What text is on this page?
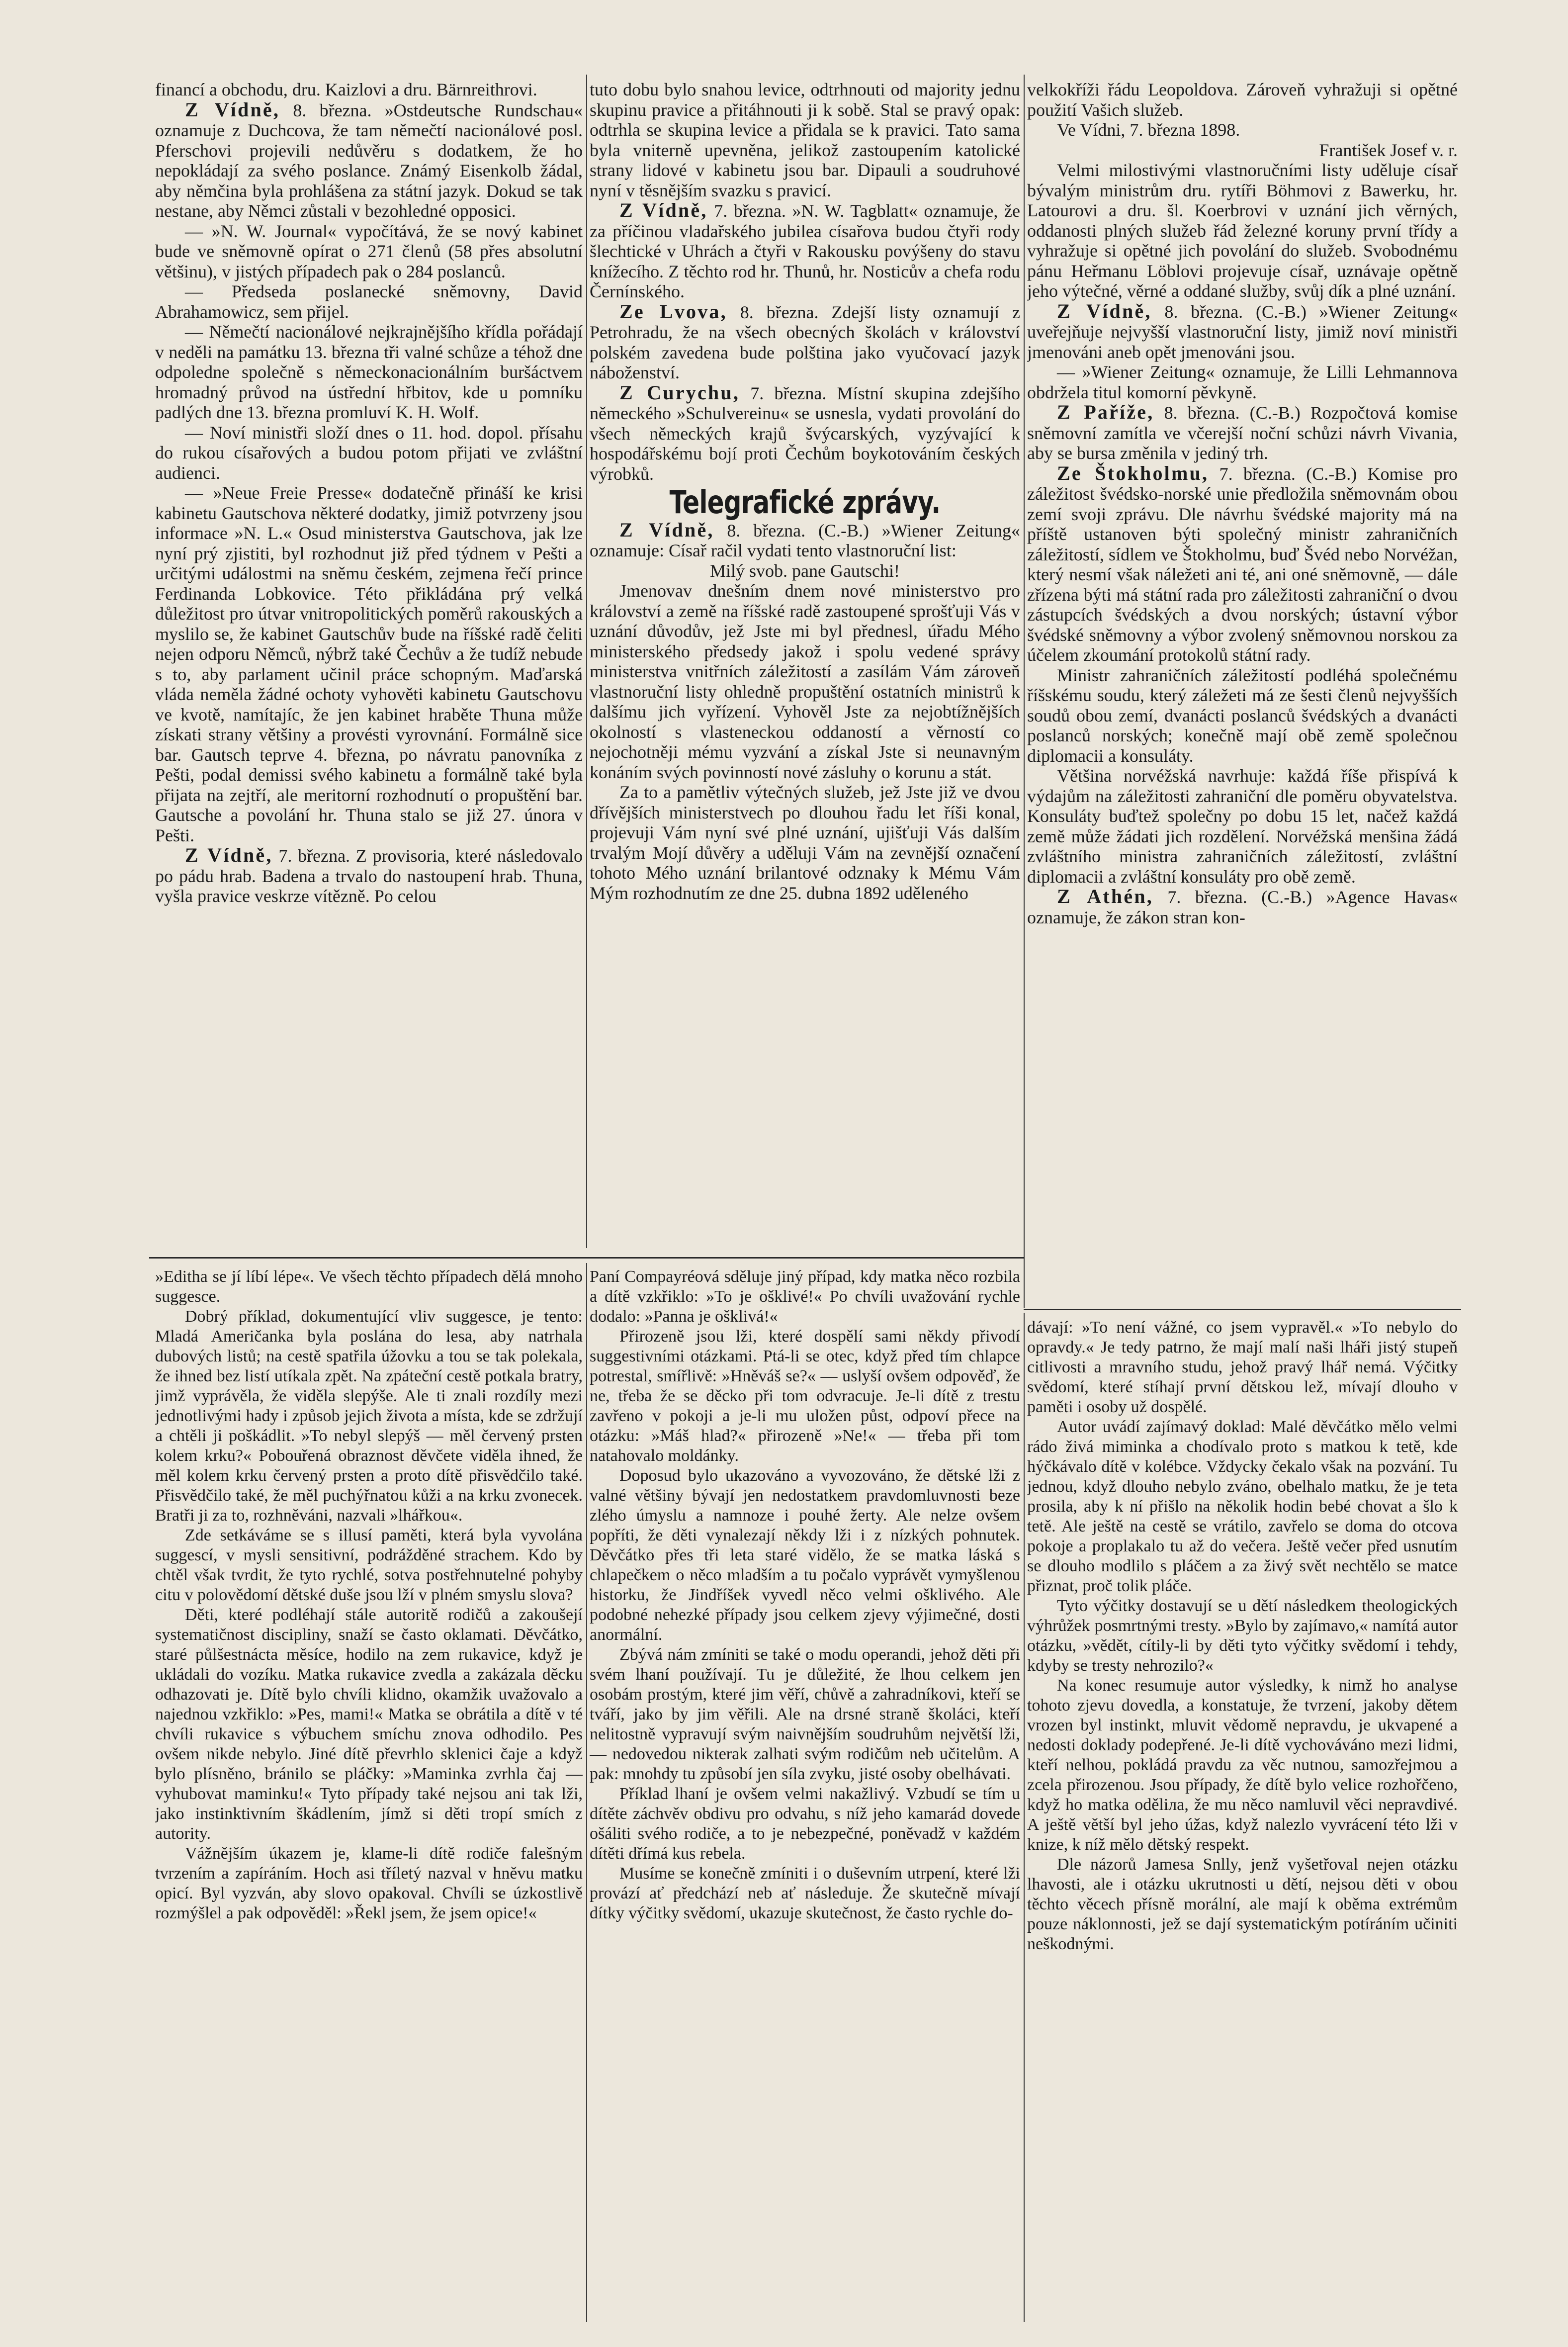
financí a obchodu, dru. Kaizlovi a dru. Bärnreithrovi.

Z Vídně, 8. března. »Ostdeutsche Rundschau« oznamuje z Duchcova, že tam němečtí nacionálové posl. Pferschovi projevili nedůvěru s dodatkem, že ho nepokládají za svého poslance. Známý Eisenkolb žádal, aby němčina byla prohlášena za státní jazyk. Dokud se tak nestane, aby Němci zůstali v bezohledné opposici.

— »N. W. Journal« vypočítává, že se nový kabinet bude ve sněmovně opírat o 271 členů (58 přes absolutní většinu), v jistých případech pak o 284 poslanců.

— Předseda poslanecké sněmovny, David Abrahamowicz, sem přijel.

— Němečtí nacionálové nejkrajnějšího křídla pořádají v neděli na památku 13. března tři valné schůze a téhož dne odpoledne společně s německonacionálním buršáctvem hromadný průvod na ústřední hřbitov, kde u pomníku padlých dne 13. března promluví K. H. Wolf.

— Noví ministři složí dnes o 11. hod. dopol. přísahu do rukou císařových a budou potom přijati ve zvláštní audienci.

— »Neue Freie Presse« dodatečně přináší ke krisi kabinetu Gautschova některé dodatky, jimiž potvrzeny jsou informace »N. L.« Osud ministerstva Gautschova, jak lze nyní prý zjistiti, byl rozhodnut již před týdnem v Pešti a určitými událostmi na sněmu českém, zejmena řečí prince Ferdinanda Lobkovice. Této přikládána prý velká důležitost pro útvar vnitropolitických poměrů rakouských a myslilo se, že kabinet Gautschův bude na říšské radě čeliti nejen odporu Němců, nýbrž také Čechův a že tudíž nebude s to, aby parlament učinil práce schopným. Maďarská vláda neměla žádné ochoty vyhověti kabinetu Gautschovu ve kvotě, namítajíc, že jen kabinet hraběte Thuna může získati strany většiny a provésti vyrovnání. Formálně sice bar. Gautsch teprve 4. března, po návratu panovníka z Pešti, podal demissi svého kabinetu a formálně také byla přijata na zejtří, ale meritorní rozhodnutí o propuštění bar. Gautsche a povolání hr. Thuna stalo se již 27. února v Pešti.

Z Vídně, 7. března. Z provisoria, které následovalo po pádu hrab. Badena a trvalo do nastoupení hrab. Thuna, vyšla pravice veskrze vítězně. Po celou

tuto dobu bylo snahou levice, odtrhnouti od majority jednu skupinu pravice a přitáhnouti ji k sobě. Stal se pravý opak: odtrhla se skupina levice a přidala se k pravici. Tato sama byla vniterně upevněna, jelikož zastoupením katolické strany lidové v kabinetu jsou bar. Dipauli a soudruhové nyní v těsnějším svazku s pravicí.

Z Vídně, 7. března. »N. W. Tagblatt« oznamuje, že za příčinou vladařského jubilea císařova budou čtyři rody šlechtické v Uhrách a čtyři v Rakousku povýšeny do stavu knížecího. Z těchto rod hr. Thunů, hr. Nosticův a chefa rodu Černínského.

Ze Lvova, 8. března. Zdejší listy oznamují z Petrohradu, že na všech obecných školách v království polském zavedena bude polština jako vyučovací jazyk náboženství.

Z Curychu, 7. března. Místní skupina zdejšího německého »Schulvereinu« se usnesla, vydati provolání do všech německých krajů švýcarských, vyzývající k hospodářskému bojí proti Čechům boykotováním českých výrobků.

Telegrafické zprávy.

Z Vídně, 8. března. (C.-B.) »Wiener Zeitung« oznamuje: Císař račil vydati tento vlastnoruční list:

Milý svob. pane Gautschi!

Jmenovav dnešním dnem nové ministerstvo pro království a země na říšské radě zastoupené sprošťuji Vás v uznání důvodův, jež Jste mi byl přednesl, úřadu Mého ministerského předsedy jakož i spolu vedené správy ministerstva vnitřních záležitostí a zasílám Vám zároveň vlastnoruční listy ohledně propuštění ostatních ministrů k dalšímu jich vyřízení. Vyhověl Jste za nejobtížnějších okolností s vlasteneckou oddaností a věrností co nejochotněji mému vyzvání a získal Jste si neunavným konáním svých povinností nové zásluhy o korunu a stát.

Za to a pamětliv výtečných služeb, jež Jste již ve dvou dřívějších ministerstvech po dlouhou řadu let říši konal, projevuji Vám nyní své plné uznání, ujišťuji Vás dalším trvalým Mojí důvěry a uděluji Vám na zevnější označení tohoto Mého uznání brilantové odznaky k Mému Vám Mým rozhodnutím ze dne 25. dubna 1892 uděleného

velkokříži řádu Leopoldova. Zároveň vyhražuji si opětné použití Vašich služeb.

Ve Vídni, 7. března 1898.

František Josef v. r.

Velmi milostivými vlastnoručními listy uděluje císař bývalým ministrům dru. rytíři Böhmovi z Bawerku, hr. Latourovi a dru. šl. Koerbrovi v uznání jich věrných, oddanosti plných služeb řád železné koruny první třídy a vyhražuje si opětné jich povolání do služeb. Svobodnému pánu Heřmanu Löblovi projevuje císař, uznávaje opětně jeho výtečné, věrné a oddané služby, svůj dík a plné uznání.

Z Vídně, 8. března. (C.-B.) »Wiener Zeitung« uveřejňuje nejvyšší vlastnoruční listy, jimiž noví ministři jmenováni aneb opět jmenováni jsou.

— »Wiener Zeitung« oznamuje, že Lilli Lehmannova obdržela titul komorní pěvkyně.

Z Paříže, 8. března. (C.-B.) Rozpočtová komise sněmovní zamítla ve včerejší noční schůzi návrh Vivania, aby se bursa změnila v jediný trh.

Ze Štokholmu, 7. března. (C.-B.) Komise pro záležitost švédsko-norské unie předložila sněmovnám obou zemí svoji zprávu. Dle návrhu švédské majority má na příště ustanoven býti společný ministr zahraničních záležitostí, sídlem ve Štokholmu, buď Švéd nebo Norvéžan, který nesmí však náležeti ani té, ani oné sněmovně, — dále zřízena býti má státní rada pro záležitosti zahraniční o dvou zástupcích švédských a dvou norských; ústavní výbor švédské sněmovny a výbor zvolený sněmovnou norskou za účelem zkoumání protokolů státní rady.

Ministr zahraničních záležitostí podléhá společnému říšskému soudu, který záležeti má ze šesti členů nejvyšších soudů obou zemí, dvanácti poslanců švédských a dvanácti poslanců norských; konečně mají obě země společnou diplomacii a konsuláty.

Většina norvéžská navrhuje: každá říše přispívá k výdajům na záležitosti zahraniční dle poměru obyvatelstva. Konsuláty buďtež společny po dobu 15 let, načež každá země může žádati jich rozdělení. Norvéžská menšina žádá zvláštního ministra zahraničních záležitostí, zvláštní diplomacii a zvláštní konsuláty pro obě země.

Z Athén, 7. března. (C.-B.) »Agence Havas« oznamuje, že zákon stran kon-

»Editha se jí líbí lépe«. Ve všech těchto případech dělá mnoho suggesce.

Dobrý příklad, dokumentující vliv suggesce, je tento: Mladá Američanka byla poslána do lesa, aby natrhala dubových listů; na cestě spatřila úžovku a tou se tak polekala, že ihned bez listí utíkala zpět. Na zpáteční cestě potkala bratry, jimž vyprávěla, že viděla slepýše. Ale ti znali rozdíly mezi jednotlivými hady i způsob jejich života a místa, kde se zdržují a chtěli ji poškádlit. »To nebyl slepýš — měl červený prsten kolem krku?« Pobouřená obraznost děvčete viděla ihned, že měl kolem krku červený prsten a proto dítě přisvědčilo také. Přisvědčilo také, že měl puchýřnatou kůži a na krku zvonecek. Bratři ji za to, rozhněváni, nazvali »lhářkou«.

Zde setkáváme se s illusí paměti, která byla vyvolána suggescí, v mysli sensitivní, podrážděné strachem. Kdo by chtěl však tvrdit, že tyto rychlé, sotva postřehnutelné pohyby citu v polovědomí dětské duše jsou lží v plném smyslu slova?

Děti, které podléhají stále autoritě rodičů a zakoušejí systematičnost discipliny, snaží se často oklamati. Děvčátko, staré půlšestnácta měsíce, hodilo na zem rukavice, když je ukládali do vozíku. Matka rukavice zvedla a zakázala děcku odhazovati je. Dítě bylo chvíli klidno, okamžik uvažovalo a najednou vzkřiklo: »Pes, mami!« Matka se obrátila a dítě v té chvíli rukavice s výbuchem smíchu znova odhodilo. Pes ovšem nikde nebylo. Jiné dítě převrhlo sklenici čaje a když bylo plísněno, bránilo se pláčky: »Maminka zvrhla čaj — vyhubovat maminku!« Tyto případy také nejsou ani tak lži, jako instinktivním škádlením, jímž si děti tropí smích z autority.

Vážnějším úkazem je, klame-li dítě rodiče falešným tvrzením a zapíráním. Hoch asi tříletý nazval v hněvu matku opicí. Byl vyzván, aby slovo opakoval. Chvíli se úzkostlivě rozmýšlel a pak odpověděl: »Řekl jsem, že jsem opice!«

Paní Compayréová sděluje jiný případ, kdy matka něco rozbila a dítě vzkřiklo: »To je ošklivé!« Po chvíli uvažování rychle dodalo: »Panna je ošklivá!«

Přirozeně jsou lži, které dospělí sami někdy přivodí suggestivními otázkami. Ptá-li se otec, když před tím chlapce potrestal, smířlivě: »Hněváš se?« — uslyší ovšem odpověď, že ne, třeba že se děcko při tom odvracuje. Je-li dítě z trestu zavřeno v pokoji a je-li mu uložen půst, odpoví přece na otázku: »Máš hlad?« přirozeně »Ne!« — třeba při tom natahovalo moldánky.

Doposud bylo ukazováno a vyvozováno, že dětské lži z valné většiny bývají jen nedostatkem pravdomluvnosti beze zlého úmyslu a namnoze i pouhé žerty. Ale nelze ovšem popříti, že děti vynalezají někdy lži i z nízkých pohnutek. Děvčátko přes tři leta staré vidělo, že se matka láská s chlapečkem o něco mladším a tu počalo vyprávět vymyšlenou historku, že Jindříšek vyvedl něco velmi ošklivého. Ale podobné nehezké případy jsou celkem zjevy výjimečné, dosti anormální.

Zbývá nám zmíniti se také o modu operandi, jehož děti při svém lhaní používají. Tu je důležité, že lhou celkem jen osobám prostým, které jim věří, chůvě a zahradníkovi, kteří se tváří, jako by jim věřili. Ale na drsné straně školáci, kteří nelitostně vypravují svým naivnějším soudruhům největší lži, — nedovedou nikterak zalhati svým rodičům neb učitelům. A pak: mnohdy tu způsobí jen síla zvyku, jisté osoby obelhávati.

Příklad lhaní je ovšem velmi nakažlivý. Vzbudí se tím u dítěte záchvěv obdivu pro odvahu, s níž jeho kamarád dovede ošáliti svého rodiče, a to je nebezpečné, poněvadž v každém dítěti dřímá kus rebela.

Musíme se konečně zmíniti i o duševním utrpení, které lži provází ať předchází neb ať následuje. Že skutečně mívají dítky výčitky svědomí, ukazuje skutečnost, že často rychle do-

dávají: »To není vážné, co jsem vypravěl.« »To nebylo do opravdy.« Je tedy patrno, že mají malí naši lháři jistý stupeň citlivosti a mravního studu, jehož pravý lhář nemá. Výčitky svědomí, které stíhají první dětskou lež, mívají dlouho v paměti i osoby už dospělé.

Autor uvádí zajímavý doklad: Malé děvčátko mělo velmi rádo živá miminka a chodívalo proto s matkou k tetě, kde hýčkávalo dítě v kolébce. Vždycky čekalo však na pozvání. Tu jednou, když dlouho nebylo zváno, obelhalo matku, že je teta prosila, aby k ní přišlo na několik hodin bebé chovat a šlo k tetě. Ale ještě na cestě se vrátilo, zavřelo se doma do otcova pokoje a proplakalo tu až do večera. Ještě večer před usnutím se dlouho modlilo s pláčem a za živý svět nechtělo se matce přiznat, proč tolik pláče.

Tyto výčitky dostavují se u dětí následkem theologických výhrůžek posmrtnými tresty. »Bylo by zajímavo,« namítá autor otázku, »vědět, cítily-li by děti tyto výčitky svědomí i tehdy, kdyby se tresty nehrozilo?«

Na konec resumuje autor výsledky, k nimž ho analyse tohoto zjevu dovedla, a konstatuje, že tvrzení, jakoby dětem vrozen byl instinkt, mluvit vědomě nepravdu, je ukvapené a nedosti doklady podepřené. Je-li dítě vychováváno mezi lidmi, kteří nelhou, pokládá pravdu za věc nutnou, samozřejmou a zcela přirozenou. Jsou případy, že dítě bylo velice rozhořčeno, když ho matka oděliла, že mu něco namluvil věci nepravdivé. A ještě větší byl jeho úžas, když nalezlo vyvrácení této lži v knize, k níž mělo dětský respekt.

Dle názorů Jamesa Snlly, jenž vyšetřoval nejen otázku lhavosti, ale i otázku ukrutnosti u dětí, nejsou děti v obou těchto věcech přísně morální, ale mají k oběma extrémům pouze náklonnosti, jež se dají systematickým potíráním učiniti neškodnými.
